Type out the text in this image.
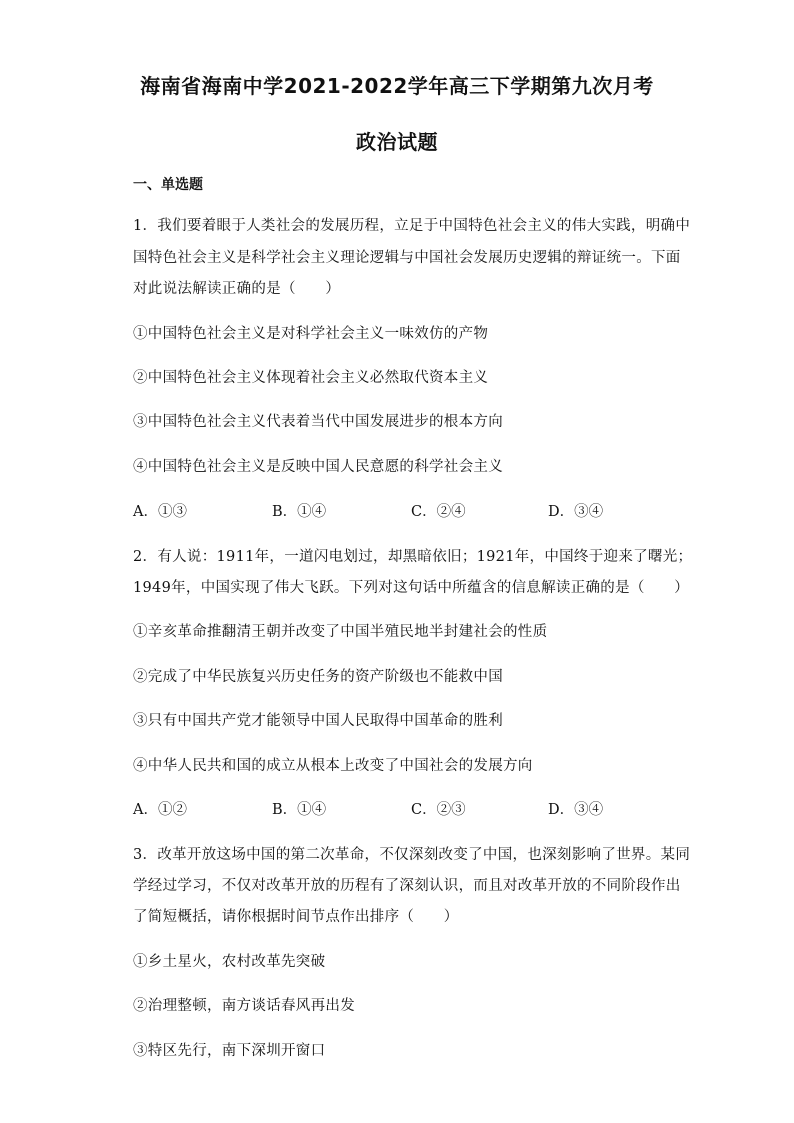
海南省海南中学2021-2022学年高三下学期第九次月考
政治试题
一、单选题
1．我们要着眼于人类社会的发展历程，立足于中国特色社会主义的伟大实践，明确中
国特色社会主义是科学社会主义理论逻辑与中国社会发展历史逻辑的辩证统一。下面
对此说法解读正确的是（　　）
①中国特色社会主义是对科学社会主义一味效仿的产物
②中国特色社会主义体现着社会主义必然取代资本主义
③中国特色社会主义代表着当代中国发展进步的根本方向
④中国特色社会主义是反映中国人民意愿的科学社会主义
A．①③	B．①④	C．②④	D．③④
2．有人说：1911年，一道闪电划过，却黑暗依旧；1921年，中国终于迎来了曙光；
1949年，中国实现了伟大飞跃。下列对这句话中所蕴含的信息解读正确的是（　　）
①辛亥革命推翻清王朝并改变了中国半殖民地半封建社会的性质
②完成了中华民族复兴历史任务的资产阶级也不能救中国
③只有中国共产党才能领导中国人民取得中国革命的胜利
④中华人民共和国的成立从根本上改变了中国社会的发展方向
A．①②	B．①④	C．②③	D．③④
3．改革开放这场中国的第二次革命，不仅深刻改变了中国，也深刻影响了世界。某同
学经过学习，不仅对改革开放的历程有了深刻认识，而且对改革开放的不同阶段作出
了简短概括，请你根据时间节点作出排序（　　）
①乡土星火，农村改革先突破
②治理整顿，南方谈话春风再出发
③特区先行，南下深圳开窗口
